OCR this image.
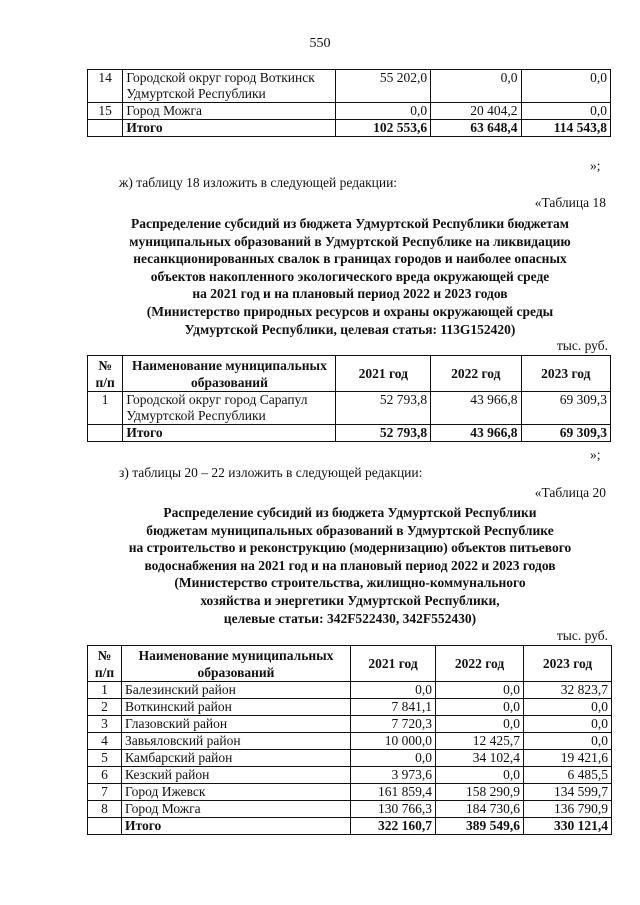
550
14	Городской округ город Воткинск Удмуртской Республики	55 202,0	0,0	0,0
15	Город Можга	0,0	20 404,2	0,0
	Итого	102 553,6	63 648,4	114 543,8
»;
ж) таблицу 18 изложить в следующей редакции:
«Таблица 18
Распределение субсидий из бюджета Удмуртской Республики бюджетам
муниципальных образований в Удмуртской Республике на ликвидацию
несанкционированных свалок в границах городов и наиболее опасных
объектов накопленного экологического вреда окружающей среде
на 2021 год и на плановый период 2022 и 2023 годов
(Министерство природных ресурсов и охраны окружающей среды
Удмуртской Республики, целевая статья: 113G152420)
тыс. руб.
№ п/п	Наименование муниципальных образований	2021 год	2022 год	2023 год
1	Городской округ город Сарапул Удмуртской Республики	52 793,8	43 966,8	69 309,3
	Итого	52 793,8	43 966,8	69 309,3
»;
з) таблицы 20 – 22 изложить в следующей редакции:
«Таблица 20
Распределение субсидий из бюджета Удмуртской Республики
бюджетам муниципальных образований в Удмуртской Республике
на строительство и реконструкцию (модернизацию) объектов питьевого
водоснабжения на 2021 год и на плановый период 2022 и 2023 годов
(Министерство строительства, жилищно-коммунального
хозяйства и энергетики Удмуртской Республики,
целевые статьи: 342F522430, 342F552430)
тыс. руб.
№ п/п	Наименование муниципальных образований	2021 год	2022 год	2023 год
1	Балезинский район	0,0	0,0	32 823,7
2	Воткинский район	7 841,1	0,0	0,0
3	Глазовский район	7 720,3	0,0	0,0
4	Завьяловский район	10 000,0	12 425,7	0,0
5	Камбарский район	0,0	34 102,4	19 421,6
6	Кезский район	3 973,6	0,0	6 485,5
7	Город Ижевск	161 859,4	158 290,9	134 599,7
8	Город Можга	130 766,3	184 730,6	136 790,9
	Итого	322 160,7	389 549,6	330 121,4
